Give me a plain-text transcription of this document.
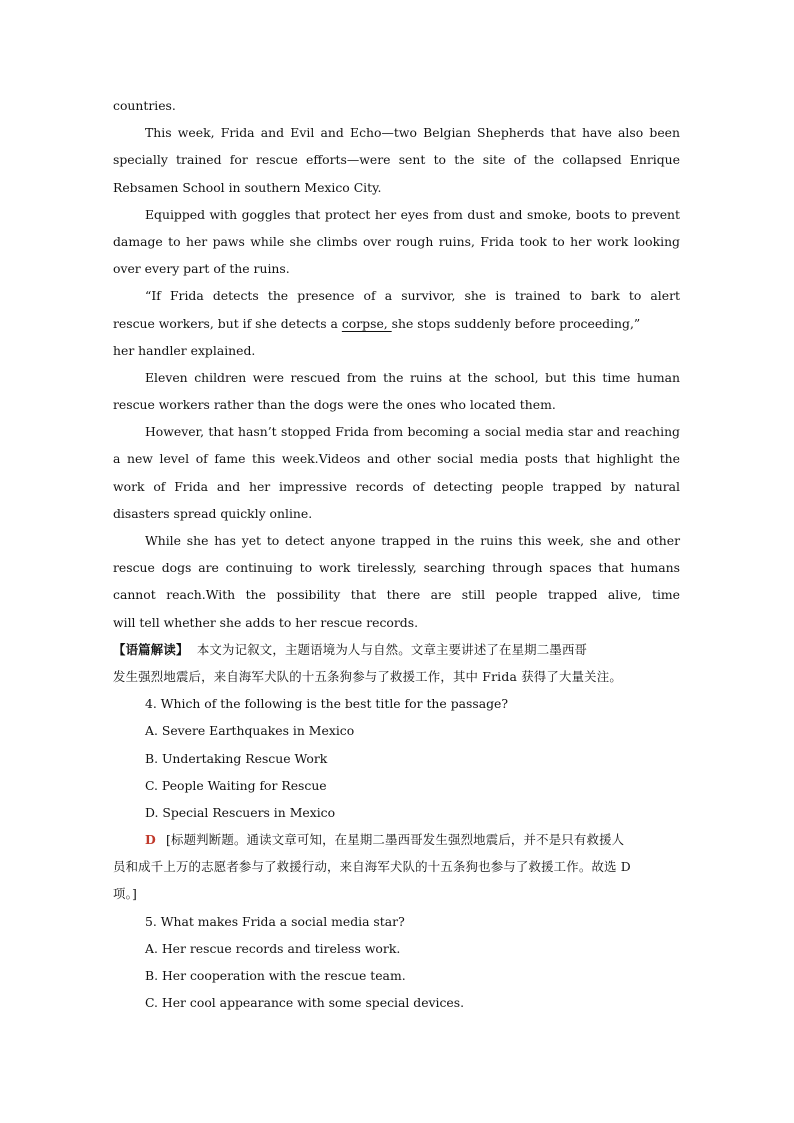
countries.
This week, Frida and Evil and Echo—two Belgian Shepherds that have also been
specially trained for rescue efforts—were sent to the site of the collapsed Enrique
Rebsamen School in southern Mexico City.
Equipped with goggles that protect her eyes from dust and smoke, boots to prevent
damage to her paws while she climbs over rough ruins, Frida took to her work looking
over every part of the ruins.
“If Frida detects the presence of a survivor, she is trained to bark to alert
rescue workers, but if she detects a corpse, she stops suddenly before proceeding,”
her handler explained.
Eleven children were rescued from the ruins at the school, but this time human
rescue workers rather than the dogs were the ones who located them.
However, that hasn’t stopped Frida from becoming a social media star and reaching
a new level of fame this week.Videos and other social media posts that highlight the
work of Frida and her impressive records of detecting people trapped by natural
disasters spread quickly online.
While she has yet to detect anyone trapped in the ruins this week, she and other
rescue dogs are continuing to work tirelessly, searching through spaces that humans
cannot reach.With the possibility that there are still people trapped alive, time
will tell whether she adds to her rescue records.
【语篇解读】 本文为记叙文，主题语境为人与自然。文章主要讲述了在星期二墨西哥
发生强烈地震后，来自海军犬队的十五条狗参与了救援工作，其中 Frida 获得了大量关注。
4. Which of the following is the best title for the passage?
A. Severe Earthquakes in Mexico
B. Undertaking Rescue Work
C. People Waiting for Rescue
D. Special Rescuers in Mexico
D [标题判断题。通读文章可知，在星期二墨西哥发生强烈地震后，并不是只有救援人
员和成千上万的志愿者参与了救援行动，来自海军犬队的十五条狗也参与了救援工作。故选 D
项。]
5. What makes Frida a social media star?
A. Her rescue records and tireless work.
B. Her cooperation with the rescue team.
C. Her cool appearance with some special devices.
